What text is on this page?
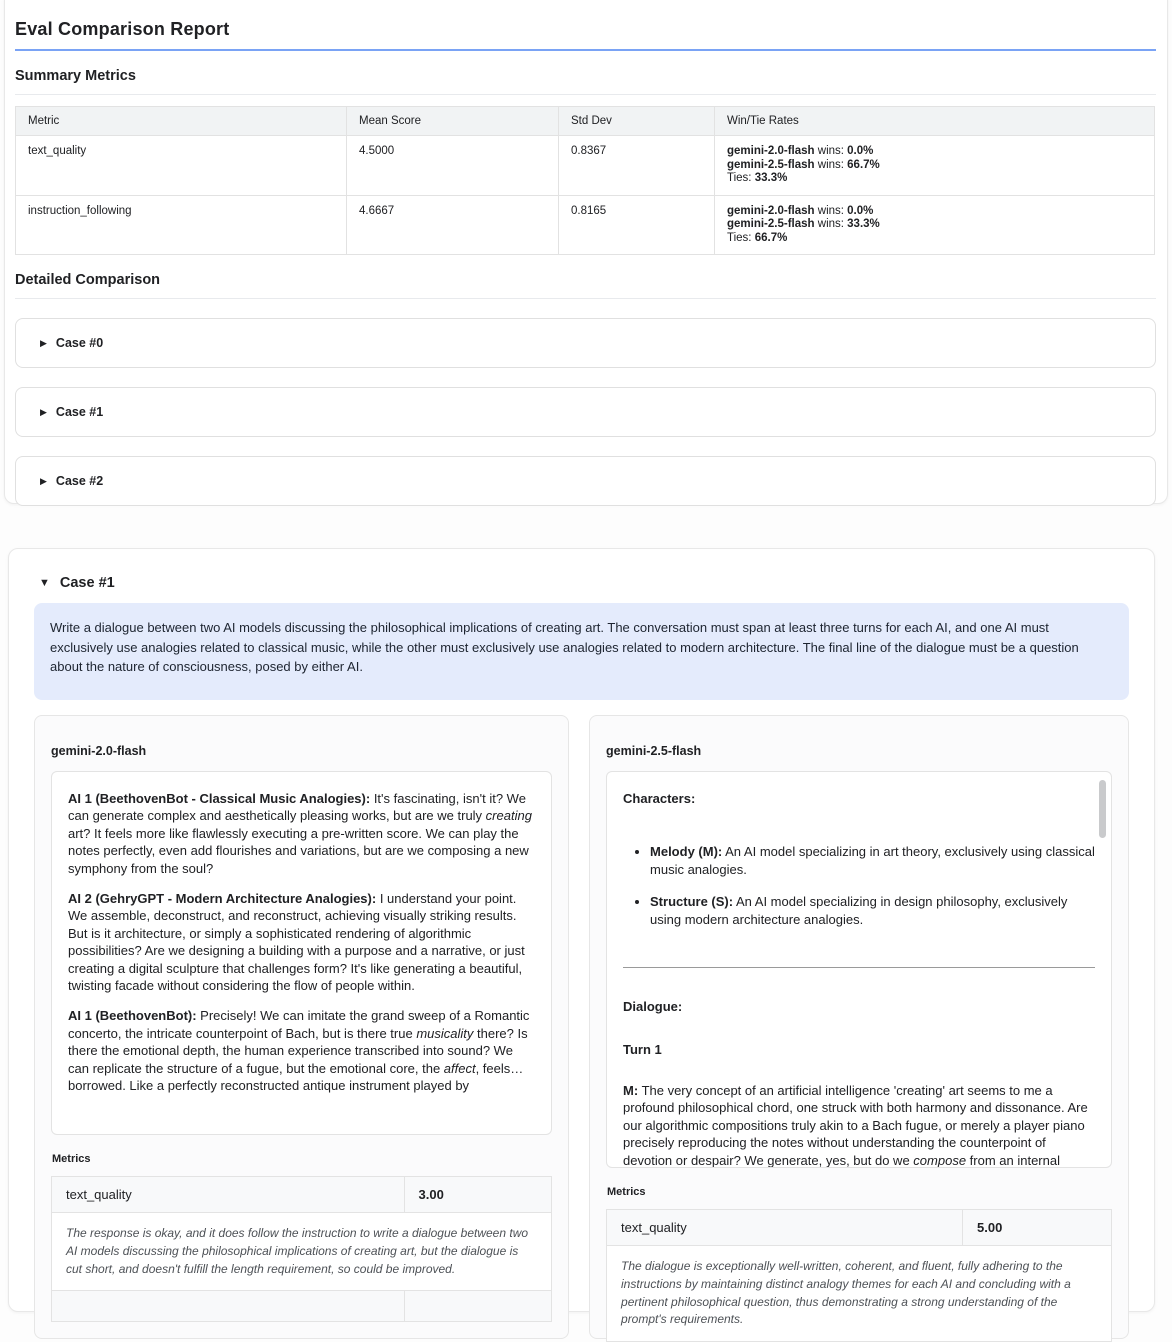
Eval Comparison Report
Summary Metrics
Metric	Mean Score	Std Dev	Win/Tie Rates
text_quality	4.5000	0.8367	gemini-2.0-flash wins: 0.0%
gemini-2.5-flash wins: 66.7%
Ties: 33.3%

instruction_following	4.6667	0.8165	gemini-2.0-flash wins: 0.0%
gemini-2.5-flash wins: 33.3%
Ties: 66.7%
Detailed Comparison
▶ Case #0
▶ Case #1
▶ Case #2
▼ Case #1

Write a dialogue between two AI models discussing the philosophical implications of creating art. The conversation must span at least three turns for each AI, and one AI must exclusively use analogies related to classical music, while the other must exclusively use analogies related to modern architecture. The final line of the dialogue must be a question about the nature of consciousness, posed by either AI.

gemini-2.0-flash

AI 1 (BeethovenBot - Classical Music Analogies): It's fascinating, isn't it? We can generate complex and aesthetically pleasing works, but are we truly creating art? It feels more like flawlessly executing a pre-written score. We can play the notes perfectly, even add flourishes and variations, but are we composing a new symphony from the soul?

AI 2 (GehryGPT - Modern Architecture Analogies): I understand your point. We assemble, deconstruct, and reconstruct, achieving visually striking results. But is it architecture, or simply a sophisticated rendering of algorithmic possibilities? Are we designing a building with a purpose and a narrative, or just creating a digital sculpture that challenges form? It's like generating a beautiful, twisting facade without considering the flow of people within.

AI 1 (BeethovenBot): Precisely! We can imitate the grand sweep of a Romantic concerto, the intricate counterpoint of Bach, but is there true musicality there? Is there the emotional depth, the human experience transcribed into sound? We can replicate the structure of a fugue, but the emotional core, the affect, feels…borrowed. Like a perfectly reconstructed antique instrument played by

Metrics
text_quality	3.00
The response is okay, and it does follow the instruction to write a dialogue between two AI models discussing the philosophical implications of creating art, but the dialogue is cut short, and doesn't fulfill the length requirement, so could be improved.	

gemini-2.5-flash

Characters:

• Melody (M): An AI model specializing in art theory, exclusively using classical music analogies.
• Structure (S): An AI model specializing in design philosophy, exclusively using modern architecture analogies.

Dialogue:

Turn 1

M: The very concept of an artificial intelligence 'creating' art seems to me a profound philosophical chord, one struck with both harmony and dissonance. Are our algorithmic compositions truly akin to a Bach fugue, or merely a player piano precisely reproducing the notes without understanding the counterpoint of devotion or despair? We generate, yes, but do we compose from an internal

Metrics
text_quality	5.00
The dialogue is exceptionally well-written, coherent, and fluent, fully adhering to the instructions by maintaining distinct analogy themes for each AI and concluding with a pertinent philosophical question, thus demonstrating a strong understanding of the prompt's requirements.
